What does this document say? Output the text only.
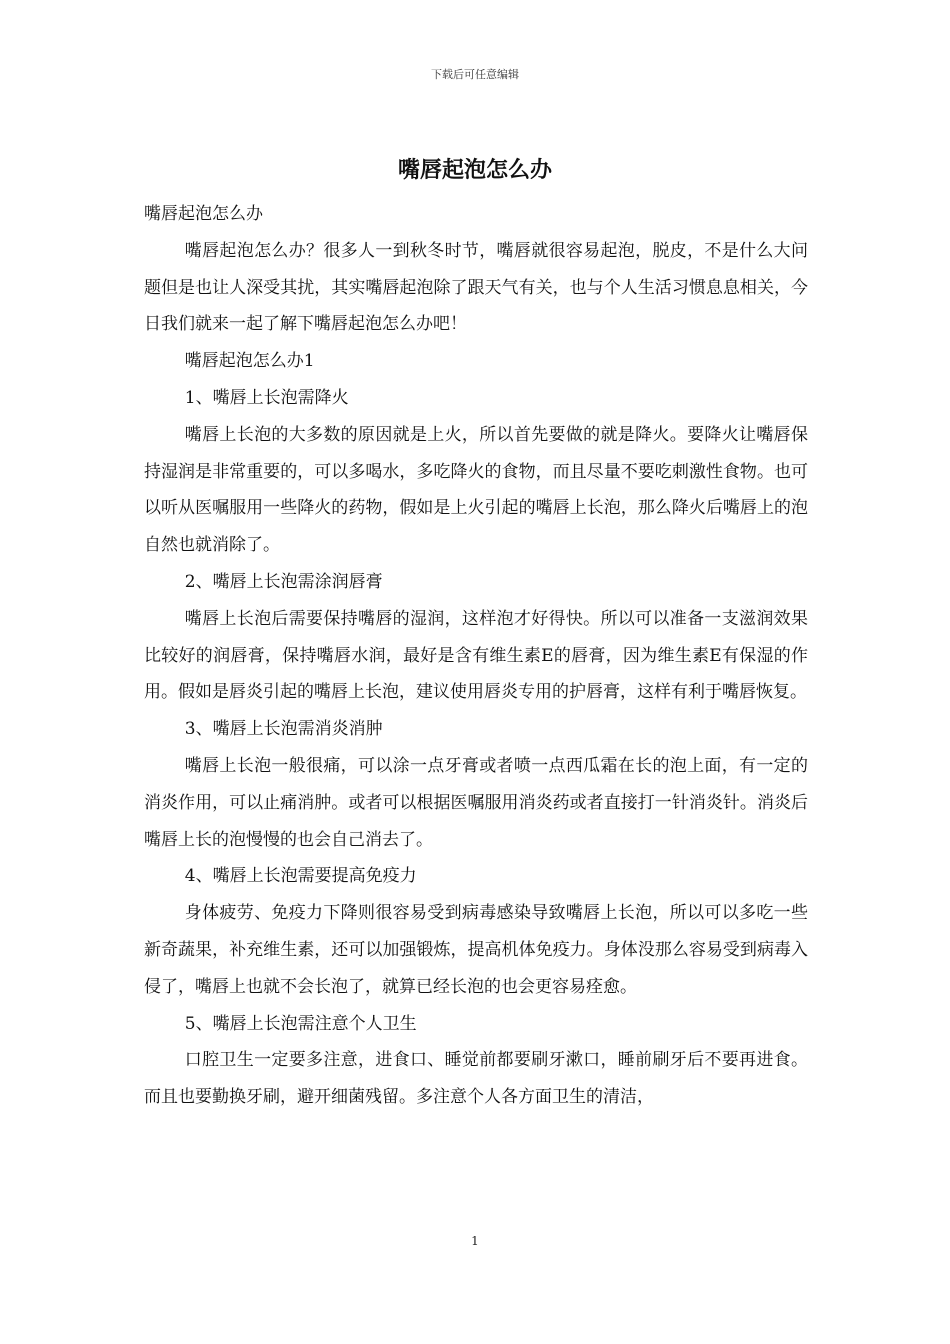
下载后可任意编辑
嘴唇起泡怎么办

嘴唇起泡怎么办

嘴唇起泡怎么办？很多人一到秋冬时节，嘴唇就很容易起泡，脱皮，不是什么大问题但是也让人深受其扰，其实嘴唇起泡除了跟天气有关，也与个人生活习惯息息相关，今日我们就来一起了解下嘴唇起泡怎么办吧！

嘴唇起泡怎么办1

1、嘴唇上长泡需降火

嘴唇上长泡的大多数的原因就是上火，所以首先要做的就是降火。要降火让嘴唇保持湿润是非常重要的，可以多喝水，多吃降火的食物，而且尽量不要吃刺激性食物。也可以听从医嘱服用一些降火的药物，假如是上火引起的嘴唇上长泡，那么降火后嘴唇上的泡自然也就消除了。

2、嘴唇上长泡需涂润唇膏

嘴唇上长泡后需要保持嘴唇的湿润，这样泡才好得快。所以可以准备一支滋润效果比较好的润唇膏，保持嘴唇水润，最好是含有维生素E的唇膏，因为维生素E有保湿的作用。假如是唇炎引起的嘴唇上长泡，建议使用唇炎专用的护唇膏，这样有利于嘴唇恢复。

3、嘴唇上长泡需消炎消肿

嘴唇上长泡一般很痛，可以涂一点牙膏或者喷一点西瓜霜在长的泡上面，有一定的消炎作用，可以止痛消肿。或者可以根据医嘱服用消炎药或者直接打一针消炎针。消炎后嘴唇上长的泡慢慢的也会自己消去了。

4、嘴唇上长泡需要提高免疫力

身体疲劳、免疫力下降则很容易受到病毒感染导致嘴唇上长泡，所以可以多吃一些新奇蔬果，补充维生素，还可以加强锻炼，提高机体免疫力。身体没那么容易受到病毒入侵了，嘴唇上也就不会长泡了，就算已经长泡的也会更容易痊愈。

5、嘴唇上长泡需注意个人卫生

口腔卫生一定要多注意，进食口、睡觉前都要刷牙漱口，睡前刷牙后不要再进食。而且也要勤换牙刷，避开细菌残留。多注意个人各方面卫生的清洁，

1
